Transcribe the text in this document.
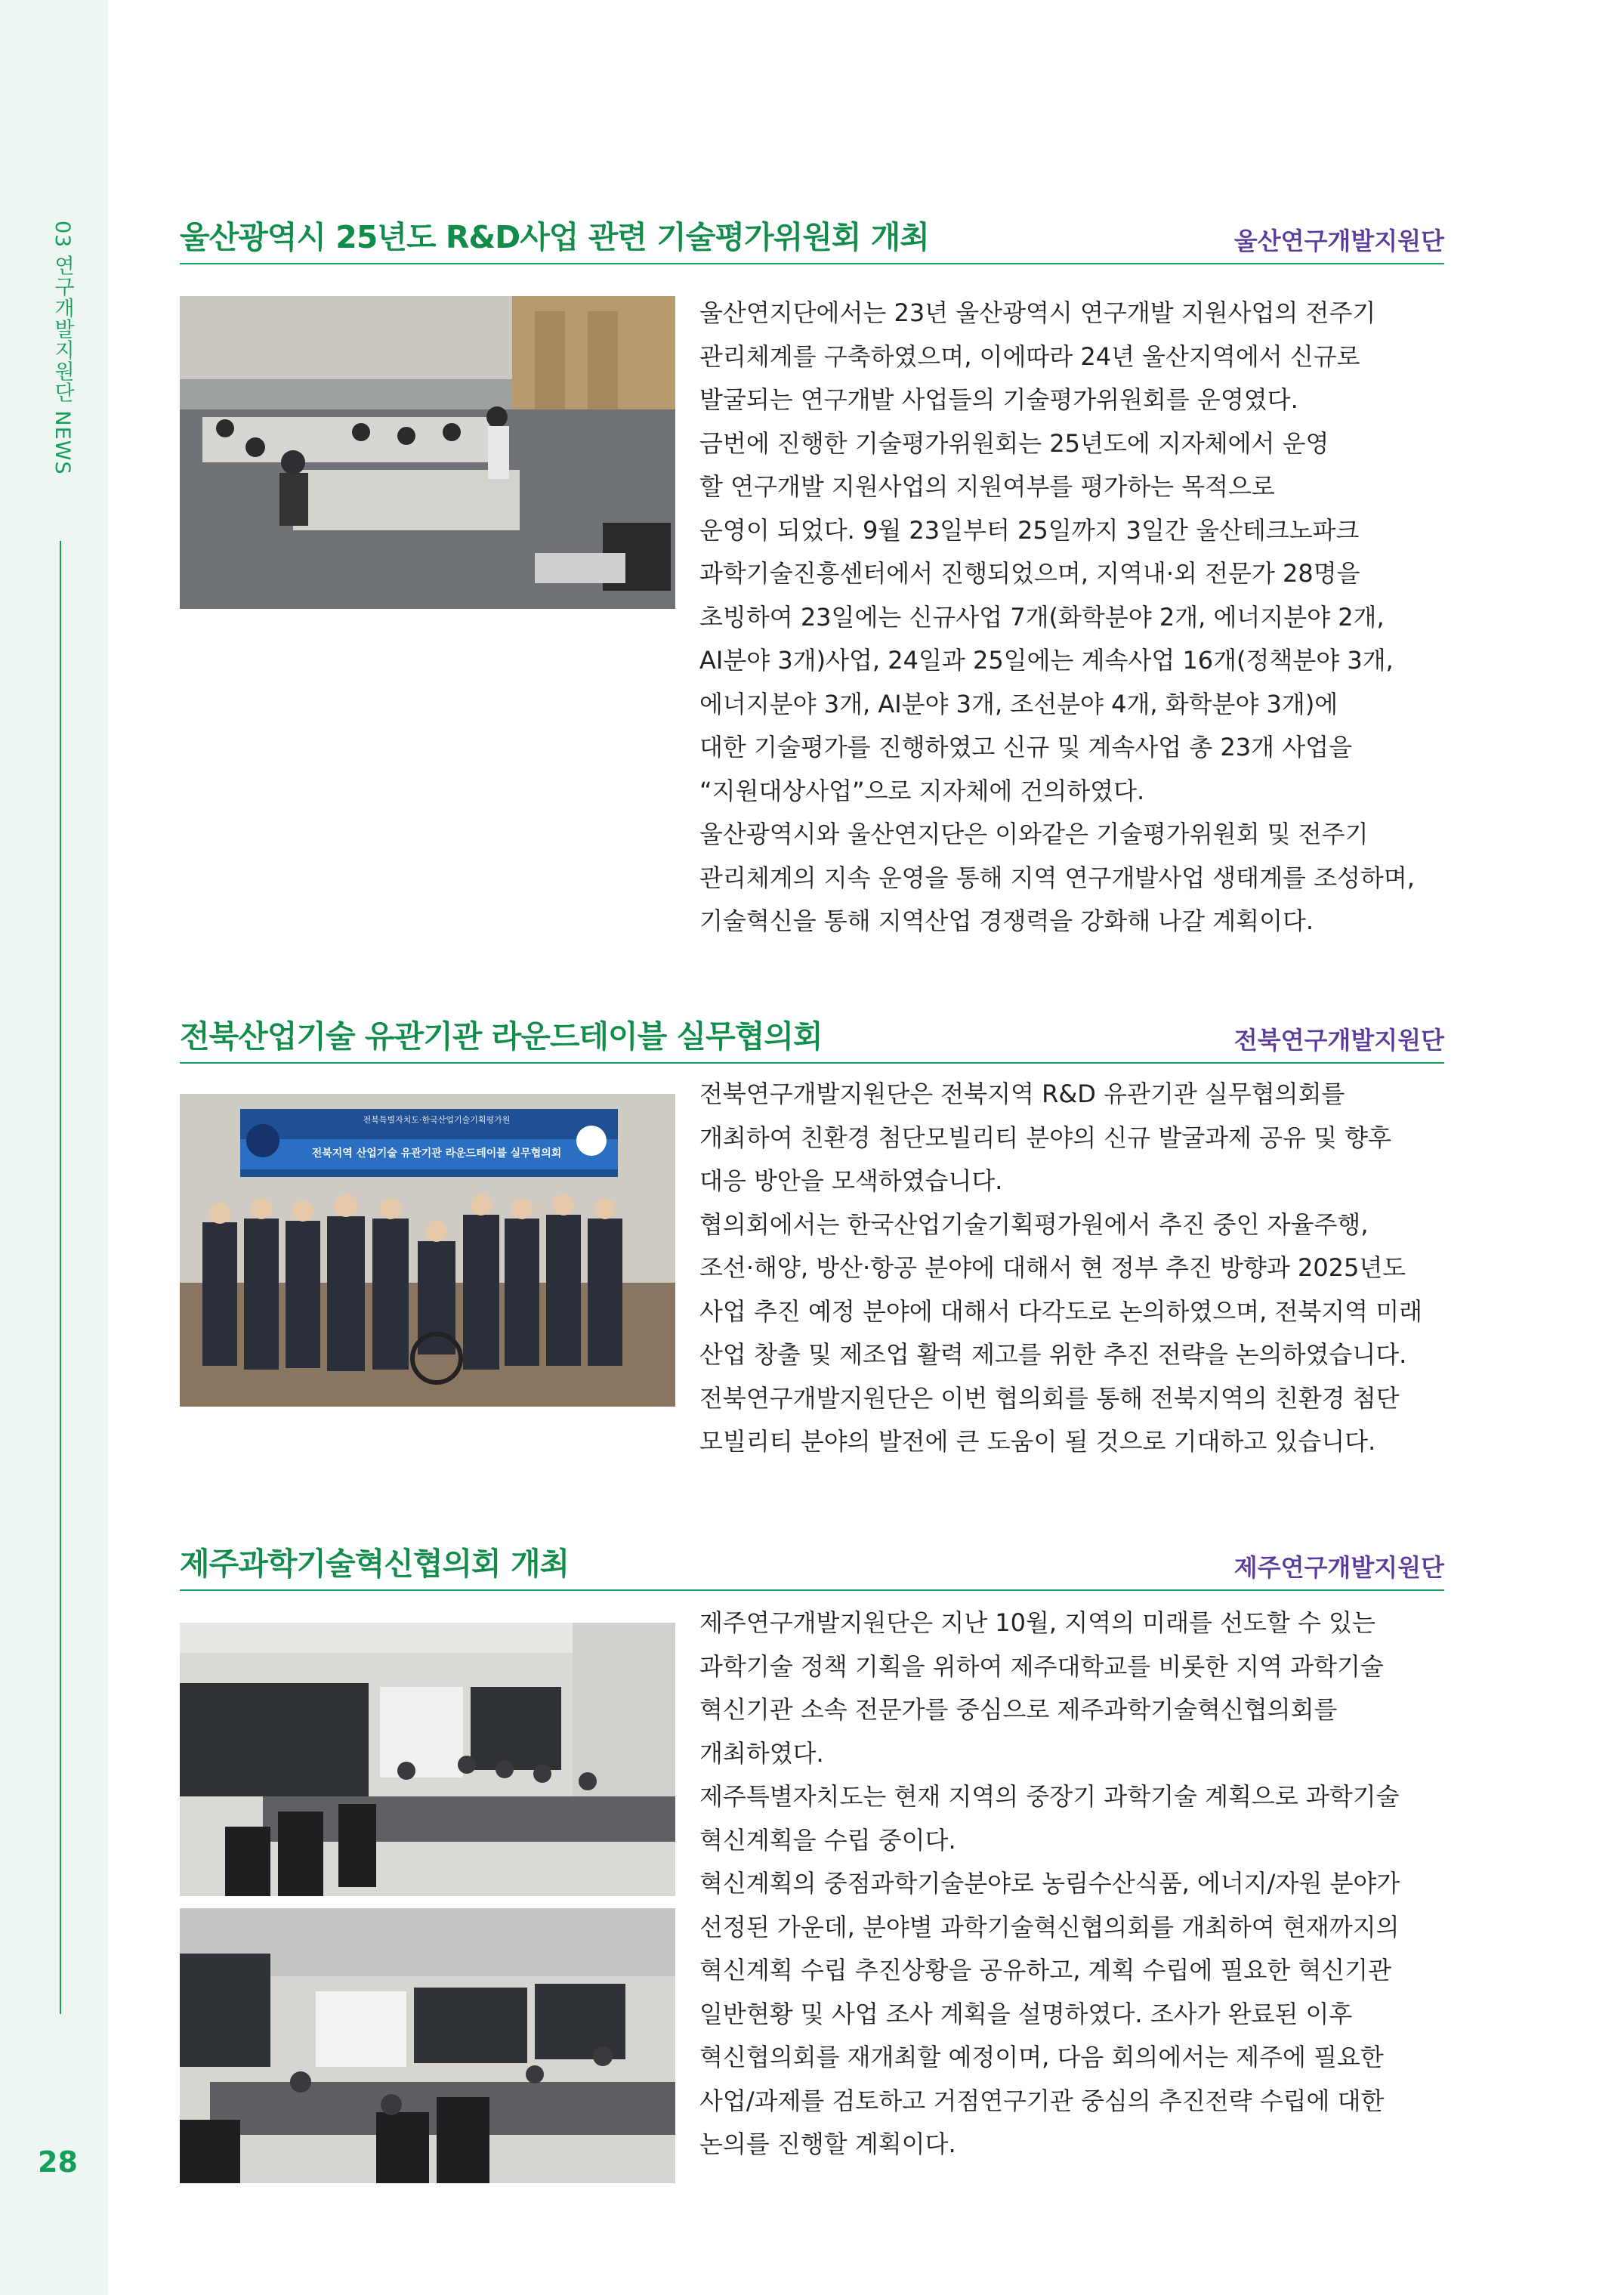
03 연구개발지원단 NEWS
28
울산광역시 25년도 R&D사업 관련 기술평가위원회 개최	울산연구개발지원단

울산연지단에서는 23년 울산광역시 연구개발 지원사업의 전주기

관리체계를 구축하였으며, 이에따라 24년 울산지역에서 신규로

발굴되는 연구개발 사업들의 기술평가위원회를 운영였다.

금번에 진행한 기술평가위원회는 25년도에 지자체에서 운영

할 연구개발 지원사업의 지원여부를 평가하는 목적으로

운영이 되었다. 9월 23일부터 25일까지 3일간 울산테크노파크

과학기술진흥센터에서 진행되었으며, 지역내·외 전문가 28명을

초빙하여 23일에는 신규사업 7개(화학분야 2개, 에너지분야 2개,

AI분야 3개)사업, 24일과 25일에는 계속사업 16개(정책분야 3개,

에너지분야 3개, AI분야 3개, 조선분야 4개, 화학분야 3개)에

대한 기술평가를 진행하였고 신규 및 계속사업 총 23개 사업을

“지원대상사업”으로 지자체에 건의하였다.

울산광역시와 울산연지단은 이와같은 기술평가위원회 및 전주기

관리체계의 지속 운영을 통해 지역 연구개발사업 생태계를 조성하며,

기술혁신을 통해 지역산업 경쟁력을 강화해 나갈 계획이다.

전북산업기술 유관기관 라운드테이블 실무협의회	전북연구개발지원단
전북특별자치도·한국산업기술기획평가원
전북지역 산업기술 유관기관 라운드테이블 실무협의회

전북연구개발지원단은 전북지역 R&D 유관기관 실무협의회를

개최하여 친환경 첨단모빌리티 분야의 신규 발굴과제 공유 및 향후

대응 방안을 모색하였습니다.

협의회에서는 한국산업기술기획평가원에서 추진 중인 자율주행,

조선·해양, 방산·항공 분야에 대해서 현 정부 추진 방향과 2025년도

사업 추진 예정 분야에 대해서 다각도로 논의하였으며, 전북지역 미래

산업 창출 및 제조업 활력 제고를 위한 추진 전략을 논의하였습니다.

전북연구개발지원단은 이번 협의회를 통해 전북지역의 친환경 첨단

모빌리티 분야의 발전에 큰 도움이 될 것으로 기대하고 있습니다.

제주과학기술혁신협의회 개최	제주연구개발지원단

제주연구개발지원단은 지난 10월, 지역의 미래를 선도할 수 있는

과학기술 정책 기획을 위하여 제주대학교를 비롯한 지역 과학기술

혁신기관 소속 전문가를 중심으로 제주과학기술혁신협의회를

개최하였다.

제주특별자치도는 현재 지역의 중장기 과학기술 계획으로 과학기술

혁신계획을 수립 중이다.

혁신계획의 중점과학기술분야로 농림수산식품, 에너지/자원 분야가

선정된 가운데, 분야별 과학기술혁신협의회를 개최하여 현재까지의

혁신계획 수립 추진상황을 공유하고, 계획 수립에 필요한 혁신기관

일반현황 및 사업 조사 계획을 설명하였다. 조사가 완료된 이후

혁신협의회를 재개최할 예정이며, 다음 회의에서는 제주에 필요한

사업/과제를 검토하고 거점연구기관 중심의 추진전략 수립에 대한

논의를 진행할 계획이다.
